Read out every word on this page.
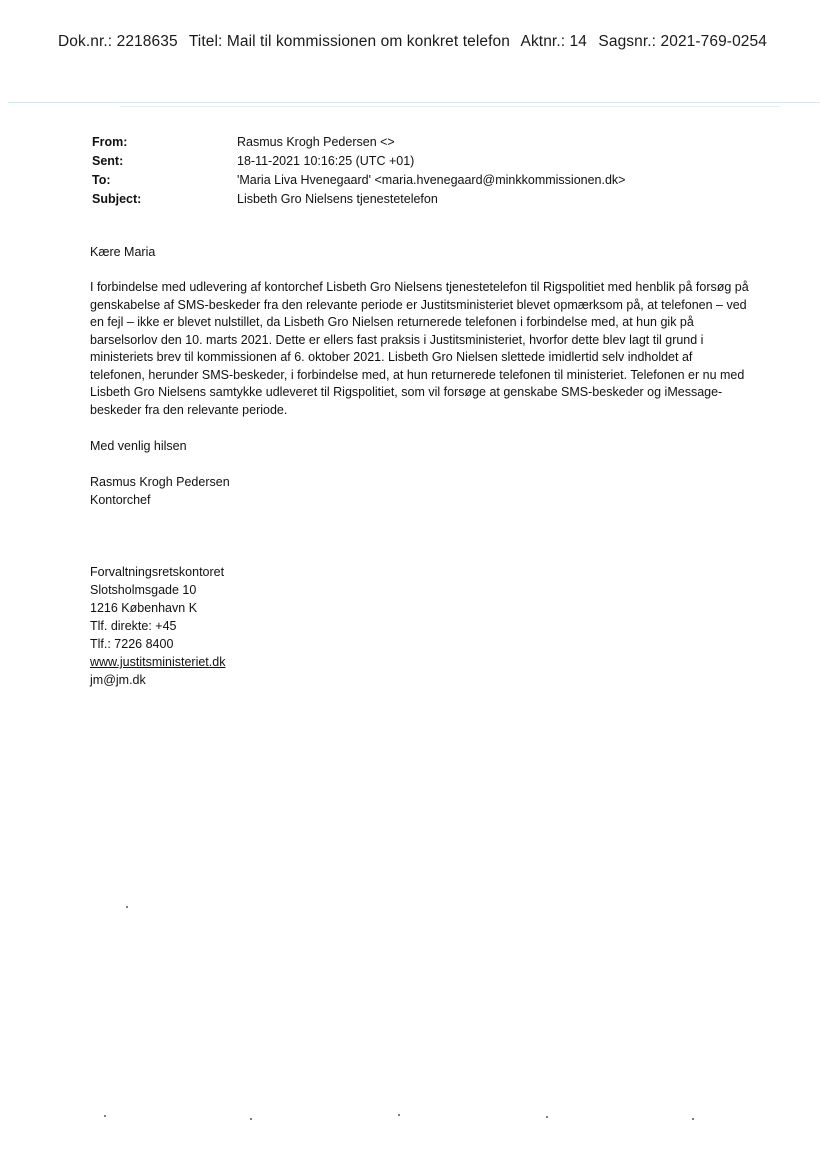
Dok.nr.: 2218635 Titel: Mail til kommissionen om konkret telefon Aktnr.: 14 Sagsnr.: 2021-769-0254
From:	Rasmus Krogh Pedersen <>
Sent:	18-11-2021 10:16:25 (UTC +01)
To:	'Maria Liva Hvenegaard' <maria.hvenegaard@minkkommissionen.dk>
Subject:	Lisbeth Gro Nielsens tjenestetelefon

Kære Maria

I forbindelse med udlevering af kontorchef Lisbeth Gro Nielsens tjenestetelefon til Rigspolitiet med henblik på forsøg på genskabelse af SMS-beskeder fra den relevante periode er Justitsministeriet blevet opmærksom på, at telefonen – ved en fejl – ikke er blevet nulstillet, da Lisbeth Gro Nielsen returnerede telefonen i forbindelse med, at hun gik på barselsorlov den 10. marts 2021. Dette er ellers fast praksis i Justitsministeriet, hvorfor dette blev lagt til grund i ministeriets brev til kommissionen af 6. oktober 2021. Lisbeth Gro Nielsen slettede imidlertid selv indholdet af telefonen, herunder SMS-beskeder, i forbindelse med, at hun returnerede telefonen til ministeriet. Telefonen er nu med Lisbeth Gro Nielsens samtykke udleveret til Rigspolitiet, som vil forsøge at genskabe SMS-beskeder og iMessage-beskeder fra den relevante periode.

Med venlig hilsen

Rasmus Krogh Pedersen

Kontorchef

Forvaltningsretskontoret

Slotsholmsgade 10

1216 København K

Tlf. direkte: +45

Tlf.: 7226 8400

www.justitsministeriet.dk

jm@jm.dk
